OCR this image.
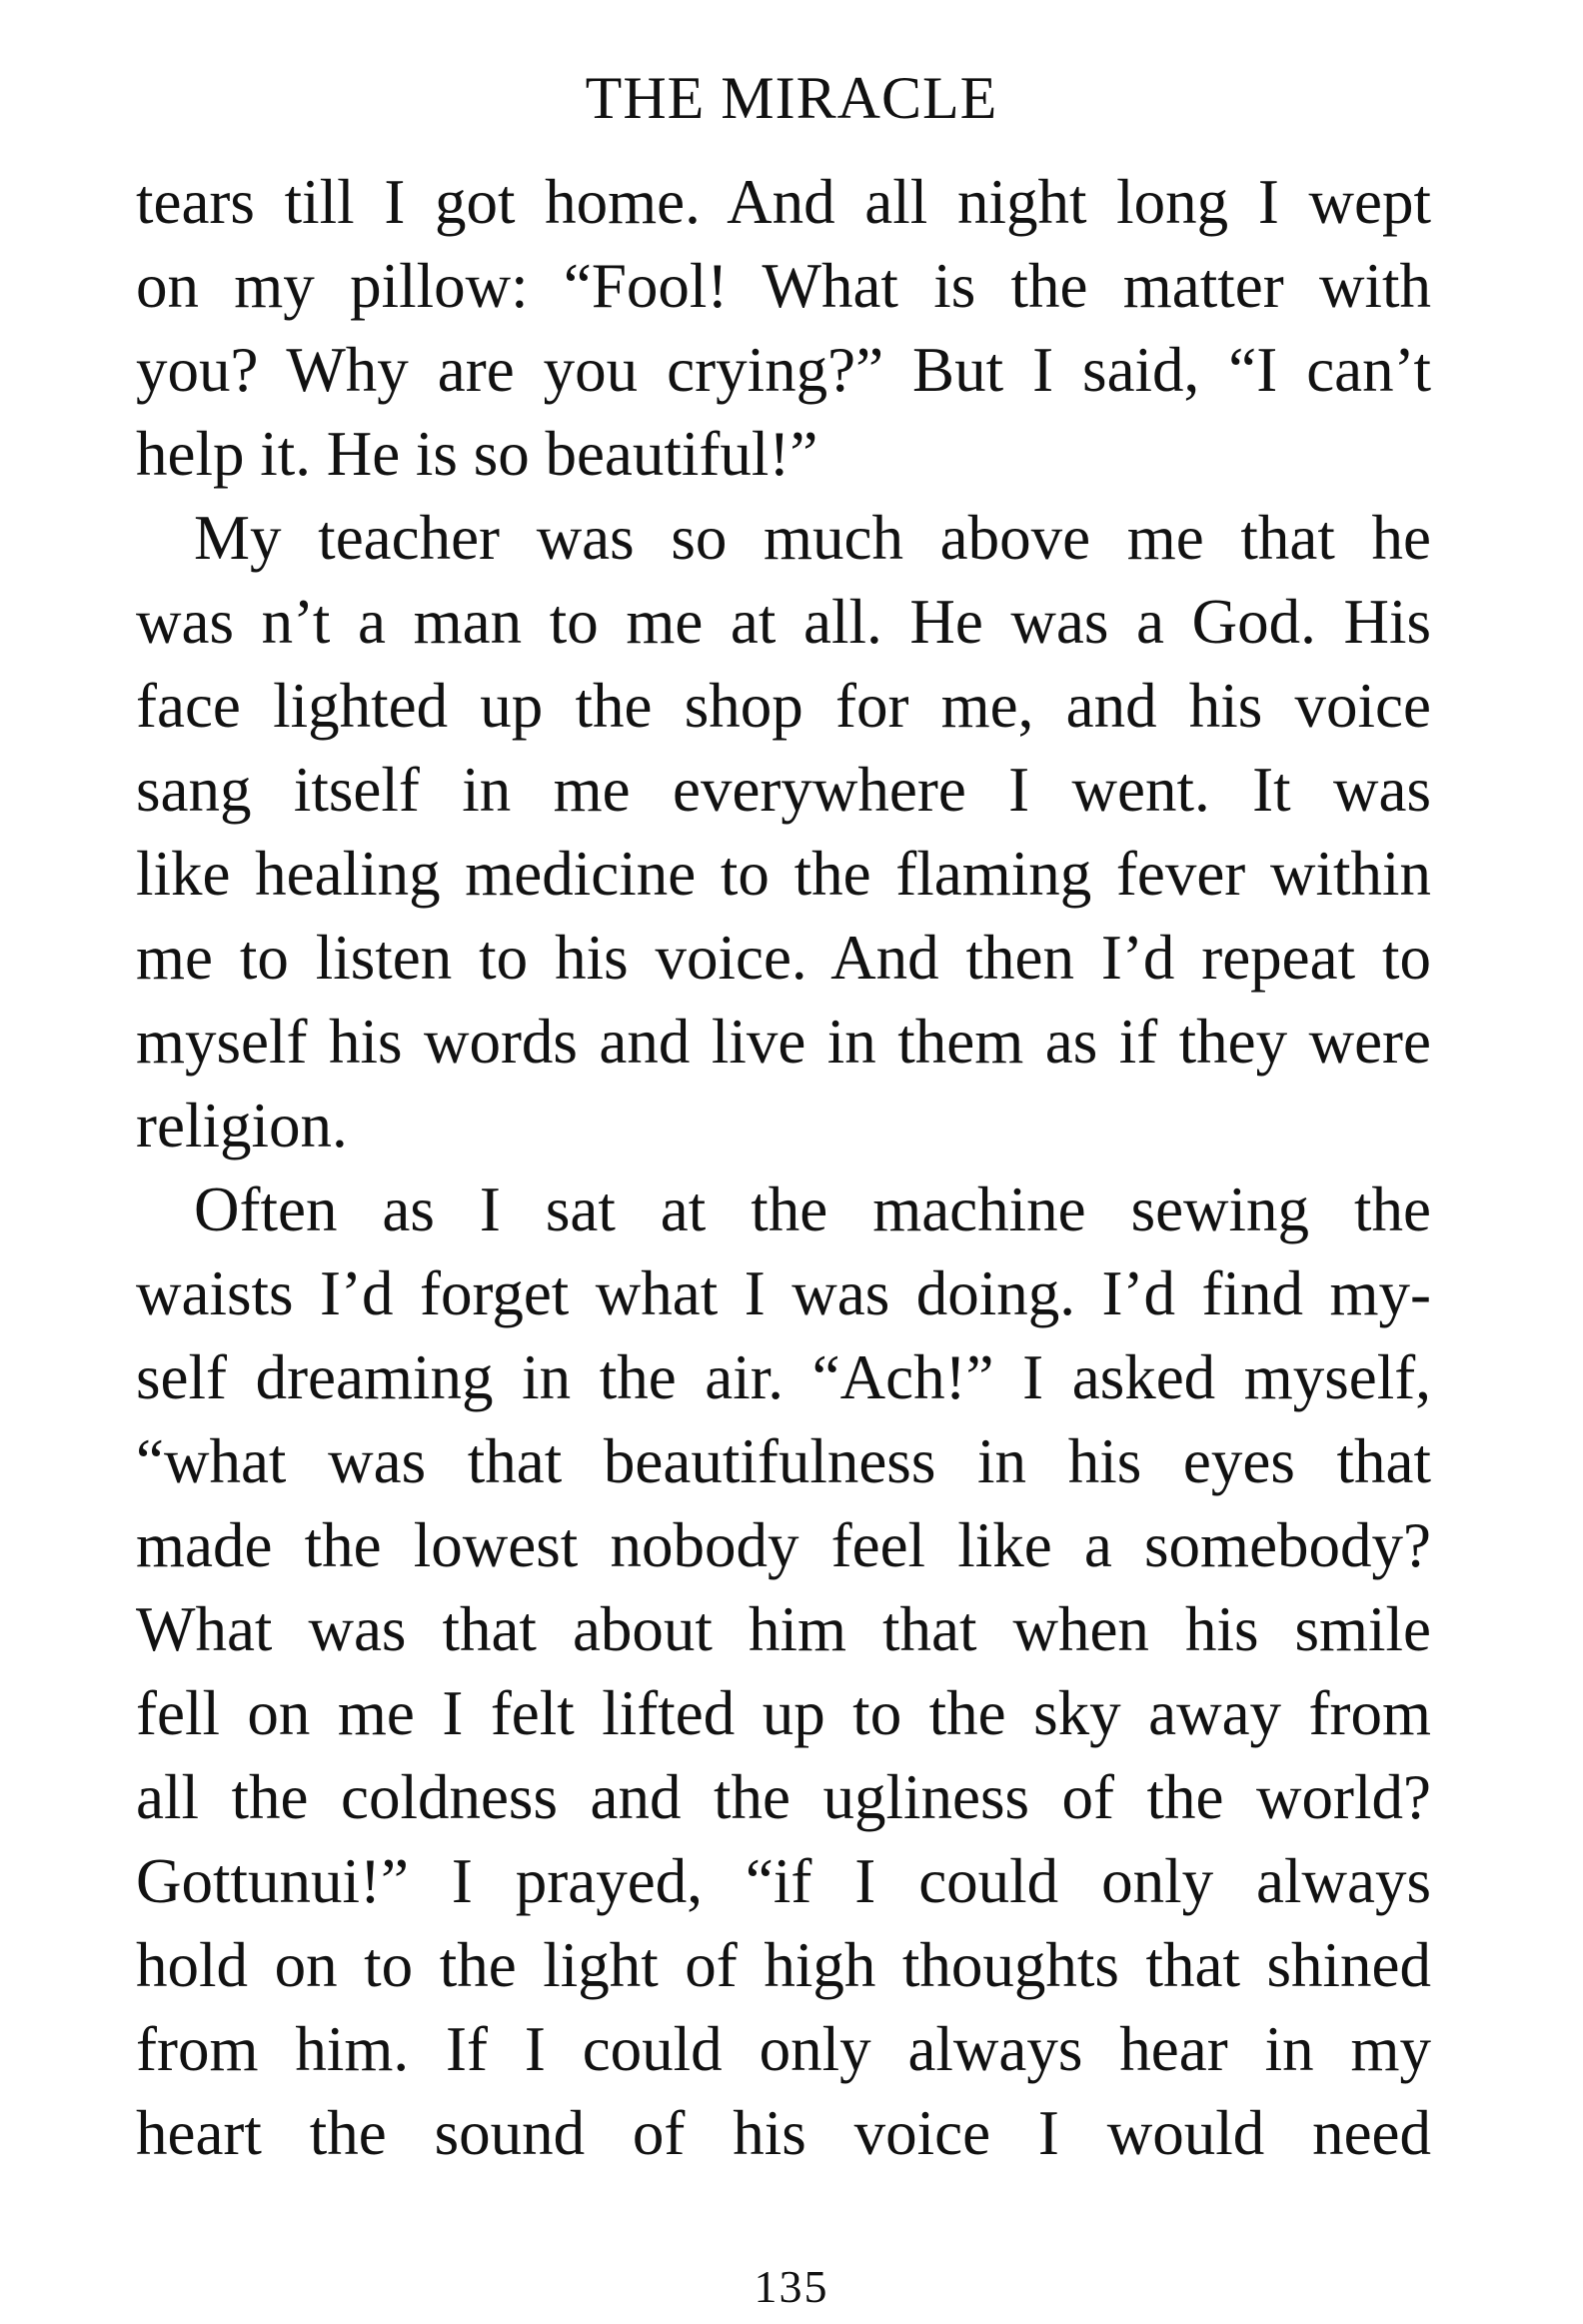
THE MIRACLE
tears till I got home. And all night long I wept
on my pillow: “Fool! What is the matter with
you? Why are you crying?” But I said, “I can’t
help it. He is so beautiful!”
My teacher was so much above me that he
was n’t a man to me at all. He was a God. His
face lighted up the shop for me, and his voice
sang itself in me everywhere I went. It was
like healing medicine to the flaming fever within
me to listen to his voice. And then I’d repeat to
myself his words and live in them as if they were
religion.
Often as I sat at the machine sewing the
waists I’d forget what I was doing. I’d find my-
self dreaming in the air. “Ach!” I asked myself,
“what was that beautifulness in his eyes that
made the lowest nobody feel like a somebody?
What was that about him that when his smile
fell on me I felt lifted up to the sky away from
all the coldness and the ugliness of the world?
Gottunui!” I prayed, “if I could only always
hold on to the light of high thoughts that shined
from him. If I could only always hear in my
heart the sound of his voice I would need
135
